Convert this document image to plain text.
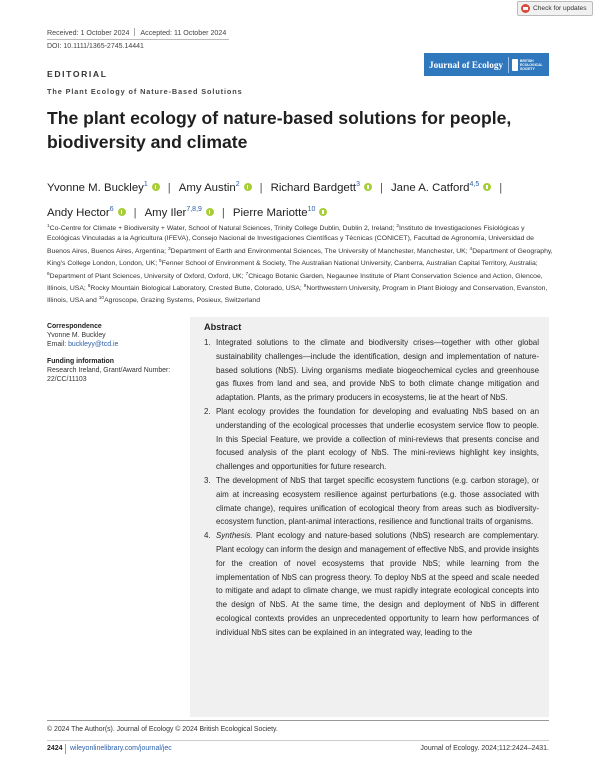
Check for updates
Received: 1 October 2024 Accepted: 11 October 2024
DOI: 10.1111/1365-2745.14441
Journal of Ecology	BRITISH
ECOLOGICAL
SOCIETY
EDITORIAL
The Plant Ecology of Nature-Based Solutions
The plant ecology of nature-based solutions for people, biodiversity and climate
Yvonne M. Buckley$^1$ | Amy Austin$^2$ | Richard Bardgett$^3$ | Jane A. Catford$^{4,5}$ |
Andy Hector$^6$ | Amy Iler$^{7,8,9}$ | Pierre Mariotte$^{10}$

$^1$Co-Centre for Climate + Biodiversity + Water, School of Natural Sciences, Trinity College Dublin, Dublin 2, Ireland; $^2$Instituto de Investigaciones Fisiológicas y Ecológicas Vinculadas a la Agricultura (IFEVA), Consejo Nacional de Investigaciones Científicas y Técnicas (CONICET), Facultad de Agronomía, Universidad de Buenos Aires, Buenos Aires, Argentina; $^3$Department of Earth and Environmental Sciences, The University of Manchester, Manchester, UK; $^4$Department of Geography, King's College London, London, UK; $^5$Fenner School of Environment & Society, The Australian National University, Canberra, Australian Capital Territory, Australia; $^6$Department of Plant Sciences, University of Oxford, Oxford, UK; $^7$Chicago Botanic Garden, Negaunee Institute of Plant Conservation Science and Action, Glencoe, Illinois, USA; $^8$Rocky Mountain Biological Laboratory, Crested Butte, Colorado, USA; $^9$Northwestern University, Program in Plant Biology and Conservation, Evanston, Illinois, USA and $^{10}$Agroscope, Grazing Systems, Posieux, Switzerland

Correspondence
Yvonne M. Buckley
Email: buckleyy@tcd.ie
Funding information
Research Ireland, Grant/Award Number: 22/CC/11103
Abstract
1. Integrated solutions to the climate and biodiversity crises—together with other global sustainability challenges—include the identification, design and implementation of nature-based solutions (NbS). Living organisms mediate biogeochemical cycles and greenhouse gas fluxes from land and sea, and provide NbS to both climate change mitigation and adaptation. Plants, as the primary producers in ecosystems, lie at the heart of NbS.
2. Plant ecology provides the foundation for developing and evaluating NbS based on an understanding of the ecological processes that underlie ecosystem service flow to people. In this Special Feature, we provide a collection of mini-reviews that presents concise and focused analysis of the plant ecology of NbS. The mini-reviews highlight key insights, challenges and opportunities for future research.
3. The development of NbS that target specific ecosystem functions (e.g. carbon storage), or aim at increasing ecosystem resilience against perturbations (e.g. those associated with climate change), requires unification of ecological theory from areas such as biodiversity-ecosystem function, plant-animal interactions, resilience and functional traits of organisms.
4. Synthesis. Plant ecology and nature-based solutions (NbS) research are complementary. Plant ecology can inform the design and management of effective NbS, and provide insights for the creation of novel ecosystems that provide NbS; while learning from the implementation of NbS can progress theory. To deploy NbS at the speed and scale needed to mitigate and adapt to climate change, we must rapidly integrate ecological concepts into the design of NbS. At the same time, the design and deployment of NbS in different ecological contexts provides an unprecedented opportunity to learn how performances of individual NbS sites can be explained in an integrated way, leading to the
© 2024 The Author(s). Journal of Ecology © 2024 British Ecological Society.
2424 wileyonlinelibrary.com/journal/jec	Journal of Ecology. 2024;112:2424–2431.
